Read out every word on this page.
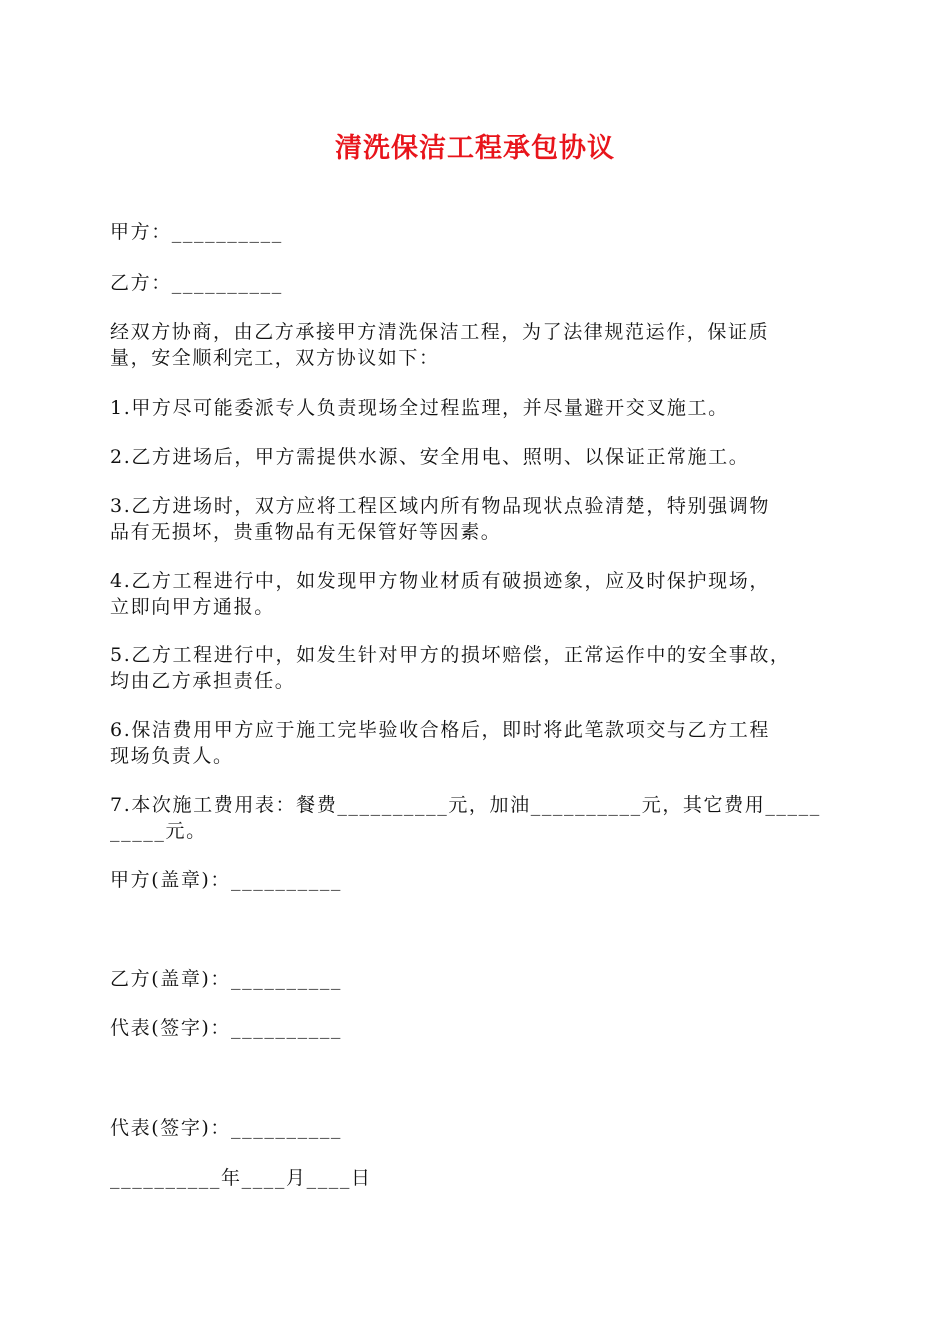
清洗保洁工程承包协议
甲方：__________
乙方：__________
经双方协商，由乙方承接甲方清洗保洁工程，为了法律规范运作，保证质
量，安全顺利完工，双方协议如下：
1.甲方尽可能委派专人负责现场全过程监理，并尽量避开交叉施工。
2.乙方进场后，甲方需提供水源、安全用电、照明、以保证正常施工。
3.乙方进场时，双方应将工程区域内所有物品现状点验清楚，特别强调物
品有无损坏，贵重物品有无保管好等因素。
4.乙方工程进行中，如发现甲方物业材质有破损迹象，应及时保护现场，
立即向甲方通报。
5.乙方工程进行中，如发生针对甲方的损坏赔偿，正常运作中的安全事故，
均由乙方承担责任。
6.保洁费用甲方应于施工完毕验收合格后，即时将此笔款项交与乙方工程
现场负责人。
7.本次施工费用表：餐费__________元，加油__________元，其它费用_____
_____元。
甲方(盖章)：__________
乙方(盖章)：__________
代表(签字)：__________
代表(签字)：__________
__________年____月____日
